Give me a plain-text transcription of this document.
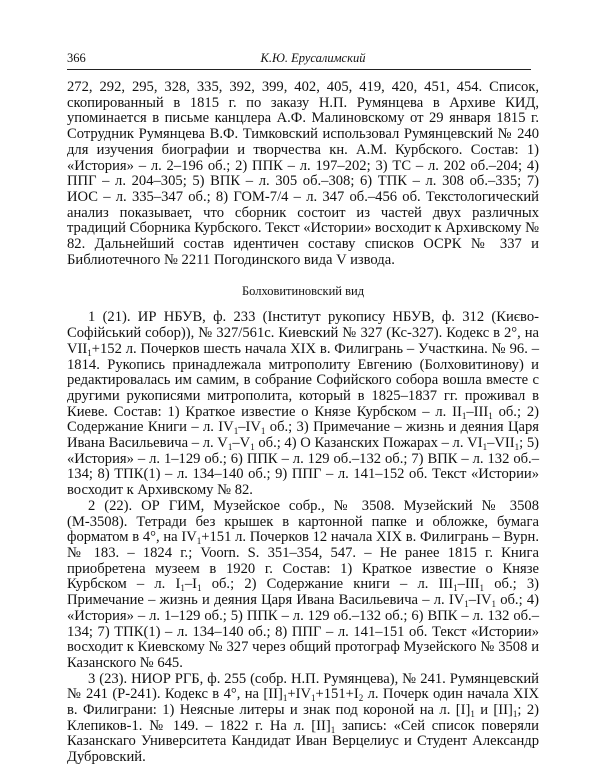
366	К.Ю. Ерусалимский

272, 292, 295, 328, 335, 392, 399, 402, 405, 419, 420, 451, 454. Список, скопированный в 1815 г. по заказу Н.П. Румянцева в Архиве КИД, упоминается в письме канцлера А.Ф. Малиновскому от 29 января 1815 г. Сотрудник Румянцева В.Ф. Тимковский использовал Румянцевский № 240 для изучения биографии и творчества кн. А.М. Курбского. Состав: 1) «История» – л. 2–196 об.; 2) ППК – л. 197–202; 3) ТС – л. 202 об.–204; 4) ППГ – л. 204–305; 5) ВПК – л. 305 об.–308; 6) ТПК – л. 308 об.–335; 7) ИОС – л. 335–347 об.; 8) ГОМ-7/4 – л. 347 об.–456 об. Текстологический анализ показывает, что сборник состоит из частей двух различных традиций Сборника Курбского. Текст «Истории» восходит к Архивскому № 82. Дальнейший состав идентичен составу списков ОСРК № 337 и Библиотечного № 2211 Погодинского вида V извода.

Болховитиновский вид

1 (21). ИР НБУВ, ф. 233 (Інститут рукопису НБУВ, ф. 312 (Києво-Софійський собор)), № 327/561с. Киевский № 327 (Кс-327). Кодекс в 2°, на $VII_1+152$ л. Почерков шесть начала XIX в. Филигрань – Участкина. № 96. – 1814. Рукопись принадлежала митрополиту Евгению (Болховитинову) и редактировалась им самим, в собрание Софийского собора вошла вместе с другими рукописями митрополита, который в 1825–1837 гг. проживал в Киеве. Состав: 1) Краткое известие о Князе Курбском – л. $II_1-III_1$ об.; 2) Содержание Книги – л. $IV_1-IV_1$ об.; 3) Примечание – жизнь и деяния Царя Ивана Васильевича – л. $V_1-V_1$ об.; 4) О Казанских Пожарах – л. $VI_1-VII_1$; 5) «История» – л. 1–129 об.; 6) ППК – л. 129 об.–132 об.; 7) ВПК – л. 132 об.–134; 8) ТПК(1) – л. 134–140 об.; 9) ППГ – л. 141–152 об. Текст «Истории» восходит к Архивскому № 82.

2 (22). ОР ГИМ, Музейское собр., № 3508. Музейский № 3508 (М-3508). Тетради без крышек в картонной папке и обложке, бумага форматом в 4°, на $IV_1+151$ л. Почерков 12 начала XIX в. Филигрань – Вурн. № 183. – 1824 г.; Voorn. S. 351–354, 547. – Не ранее 1815 г. Книга приобретена музеем в 1920 г. Состав: 1) Краткое известие о Князе Курбском – л. $I_1-I_1$ об.; 2) Содержание книги – л. $III_1-III_1$ об.; 3) Примечание – жизнь и деяния Царя Ивана Васильевича – л. $IV_1-IV_1$ об.; 4) «История» – л. 1–129 об.; 5) ППК – л. 129 об.–132 об.; 6) ВПК – л. 132 об.–134; 7) ТПК(1) – л. 134–140 об.; 8) ППГ – л. 141–151 об. Текст «Истории» восходит к Киевскому № 327 через общий протограф Музейского № 3508 и Казанского № 645.

3 (23). НИОР РГБ, ф. 255 (собр. Н.П. Румянцева), № 241. Румянцевский № 241 (Р-241). Кодекс в 4°, на $[II]_1+IV_1+151+I_2$ л. Почерк один начала XIX в. Филиграни: 1) Неясные литеры и знак под короной на л. $[I]_1$ и $[II]_1$; 2) Клепиков-1. № 149. – 1822 г. На л. $[II]_1$ запись: «Сей список поверяли Казанскаго Университета Кандидат Иван Верцелиус и Студент Александр Дубровский.
